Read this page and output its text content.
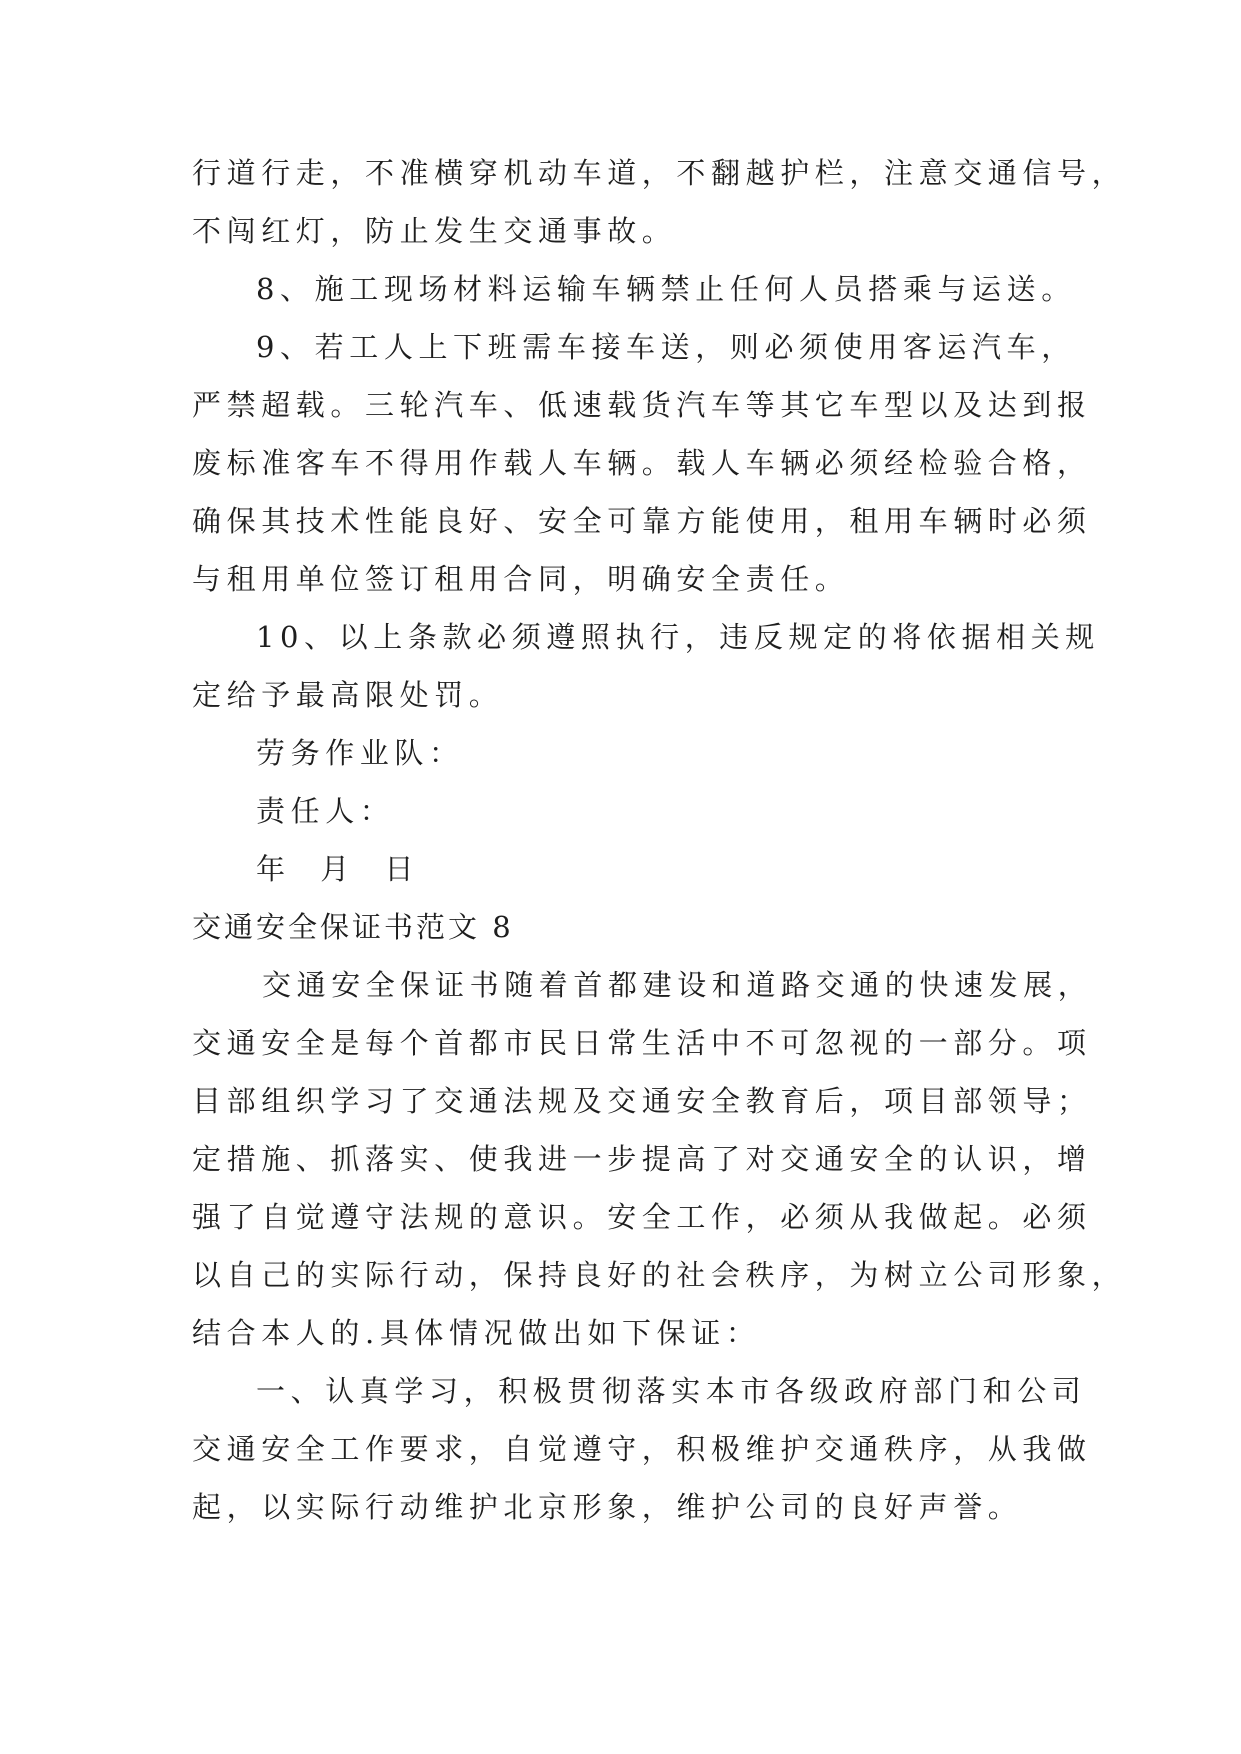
行道行走，不准横穿机动车道，不翻越护栏，注意交通信号，
不闯红灯，防止发生交通事故。
8、施工现场材料运输车辆禁止任何人员搭乘与运送。
9、若工人上下班需车接车送，则必须使用客运汽车，
严禁超载。三轮汽车、低速载货汽车等其它车型以及达到报
废标准客车不得用作载人车辆。载人车辆必须经检验合格，
确保其技术性能良好、安全可靠方能使用，租用车辆时必须
与租用单位签订租用合同，明确安全责任。
10、以上条款必须遵照执行，违反规定的将依据相关规
定给予最高限处罚。
劳务作业队：
责任人：
年  月  日
交通安全保证书范文 8
交通安全保证书随着首都建设和道路交通的快速发展，
交通安全是每个首都市民日常生活中不可忽视的一部分。项
目部组织学习了交通法规及交通安全教育后，项目部领导；
定措施、抓落实、使我进一步提高了对交通安全的认识，增
强了自觉遵守法规的意识。安全工作，必须从我做起。必须
以自己的实际行动，保持良好的社会秩序，为树立公司形象，
结合本人的.具体情况做出如下保证：
一、认真学习，积极贯彻落实本市各级政府部门和公司
交通安全工作要求，自觉遵守，积极维护交通秩序，从我做
起，以实际行动维护北京形象，维护公司的良好声誉。
